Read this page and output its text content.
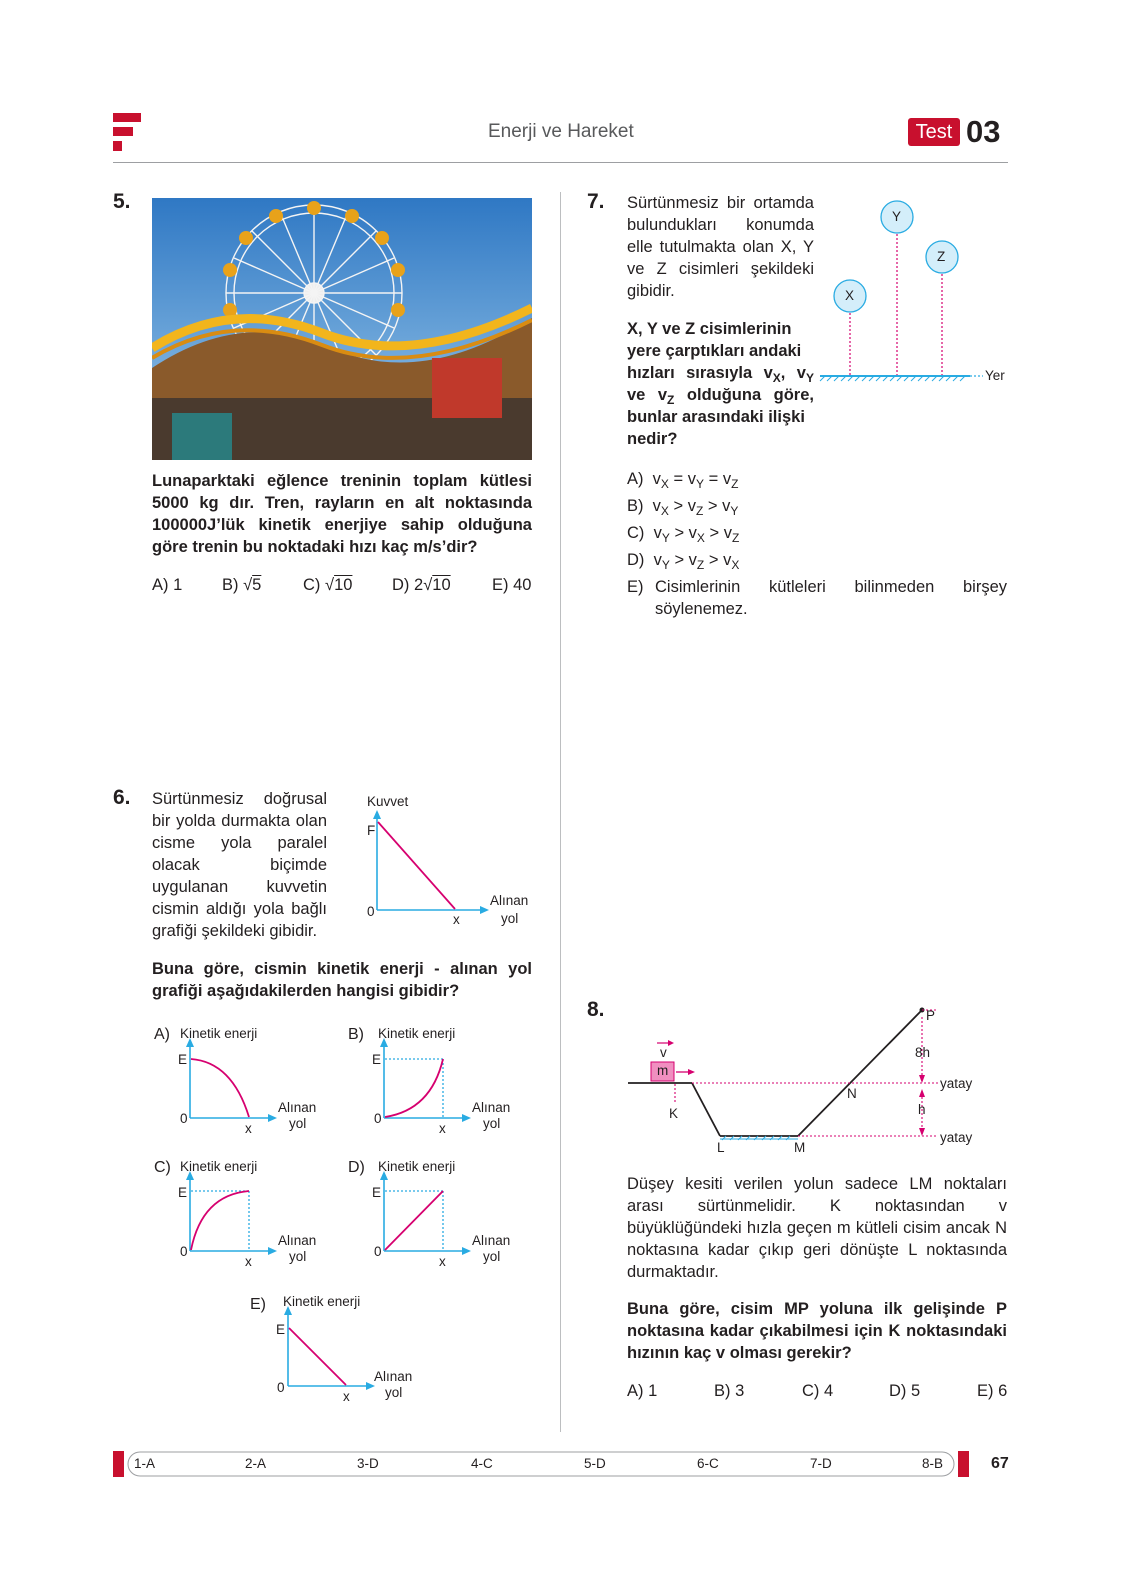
Enerji ve Hareket	Test 03
5.
Lunaparktaki eğlence treninin toplam kütlesi 5000 kg dır. Tren, rayların en alt noktasında 100000J’lük kinetik enerjiye sahip olduğuna göre trenin bu noktadaki hızı kaç m/s’dir?
A) 1 B) √5	C) √10 D) 2√10	E) 40
6. Sürtünmesiz doğrusal bir yolda durmakta olan cisme yola paralel olacak biçimde uygulanan kuvvetin cismin aldığı yola bağlı grafiği şekildeki gibidir.
Kuvvet
F
0
x
Alınan
yol
Buna göre, cismin kinetik enerji - alınan yol grafiği aşağıdakilerden hangisi gibidir?
A) Kinetik enerji
E
0
x
Alınan
yol
B) Kinetik enerji
E
0
x
Alınan
yol
C) Kinetik enerji
E
0
x
Alınan
yol
D) Kinetik enerji
E
0
x
Alınan
yol
E) Kinetik enerji
E
0
x
Alınan
yol
7. Sürtünmesiz bir ortamda bulundukları konumda elle tutulmakta olan X, Y ve Z cisimleri şekildeki gibidir.
X, Y ve Z cisimlerinin
yere çarptıkları andaki
hızları sırasıyla $v_X$, $v_Y$
ve $v_Z$ olduğuna göre,
bunlar arasındaki ilişki
nedir?
X
Y
Z
Yer
A)  $v_X = v_Y = v_Z$
B)  $v_X > v_Z > v_Y$
C)  $v_Y > v_X > v_Z$
D)  $v_Y > v_Z > v_X$
E) Cisimlerinin kütleleri bilinmeden birşey söylenemez.
8.	P
8h
yatay
N
h
yatay
K
L	M
m
v
Düşey kesiti verilen yolun sadece LM noktaları arası sürtünmelidir. K noktasından v büyüklüğündeki hızla geçen m kütleli cisim ancak N noktasına kadar çıkıp geri dönüşte L noktasında durmaktadır.
Buna göre, cisim MP yoluna ilk gelişinde P noktasına kadar çıkabilmesi için K noktasındaki hızının kaç v olması gerekir?
A) 1	B) 3	C) 4	D) 5	E) 6
1-A	2-A	3-D	4-C	5-D	6-C	7-D	8-B	67
